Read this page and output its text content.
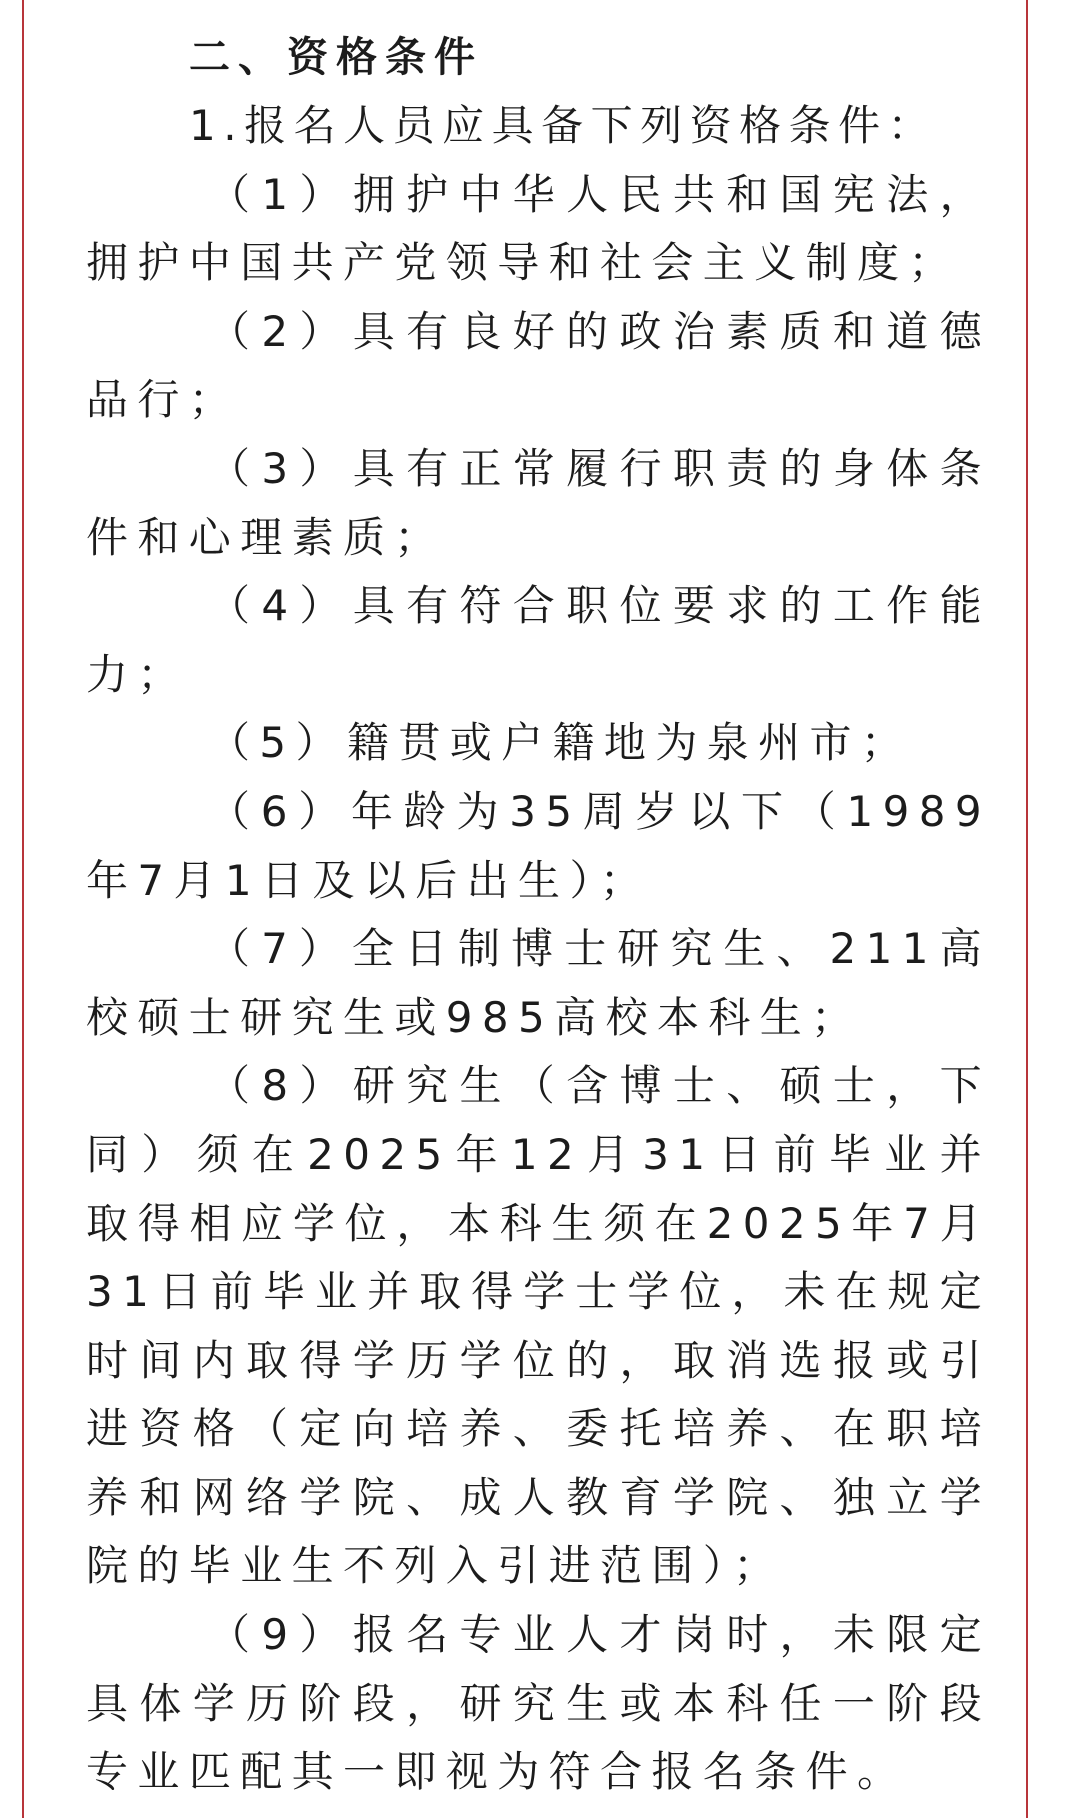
二、资格条件

1.报名人员应具备下列资格条件：

（1）拥护中华人民共和国宪法，拥护中国共产党领导和社会主义制度；

（2）具有良好的政治素质和道德品行；

（3）具有正常履行职责的身体条件和心理素质；

（4）具有符合职位要求的工作能力；

（5）籍贯或户籍地为泉州市；

（6）年龄为35周岁以下（1989年7月1日及以后出生）；

（7）全日制博士研究生、211高校硕士研究生或985高校本科生；

（8）研究生（含博士、硕士，下同）须在2025年12月31日前毕业并取得相应学位，本科生须在2025年7月31日前毕业并取得学士学位，未在规定时间内取得学历学位的，取消选报或引进资格（定向培养、委托培养、在职培养和网络学院、成人教育学院、独立学院的毕业生不列入引进范围）；

（9）报名专业人才岗时，未限定具体学历阶段，研究生或本科任一阶段专业匹配其一即视为符合报名条件。
